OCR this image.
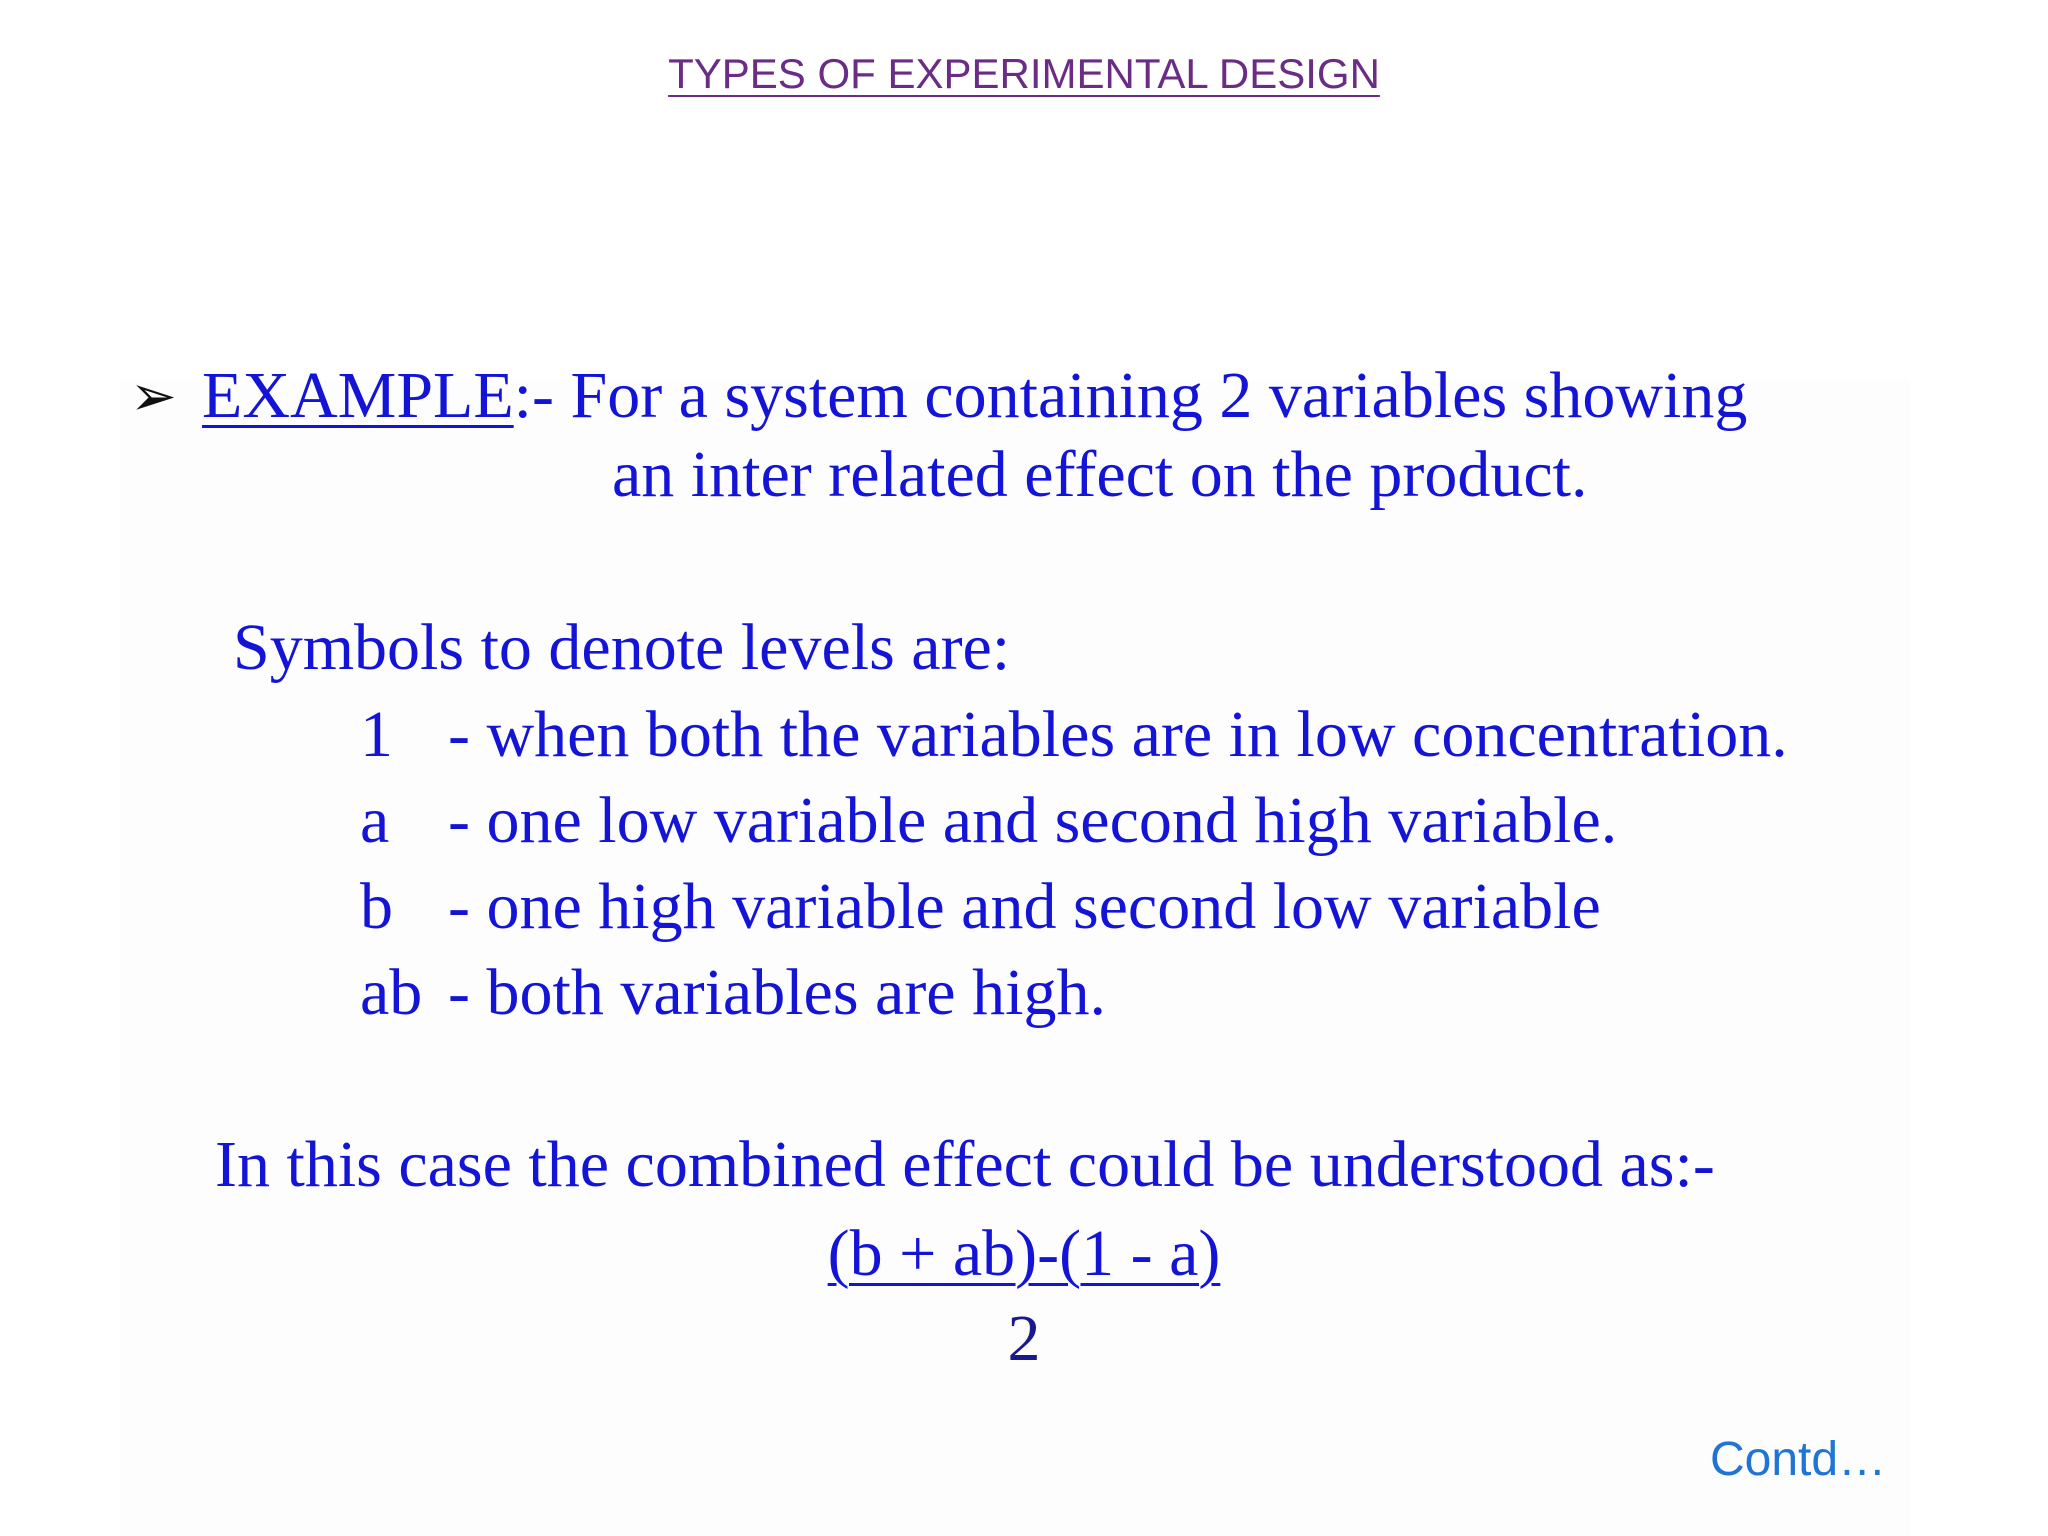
TYPES OF EXPERIMENTAL DESIGN
➢ EXAMPLE:- For a system containing 2 variables showing
an inter related effect on the product.
Symbols to denote levels are:
1 - when both the variables are in low concentration.
a - one low variable and second high variable.
b - one high variable and second low variable
ab - both variables are high.
In this case the combined effect could be understood as:-
(b + ab)-(1 - a)
2
Contd…
